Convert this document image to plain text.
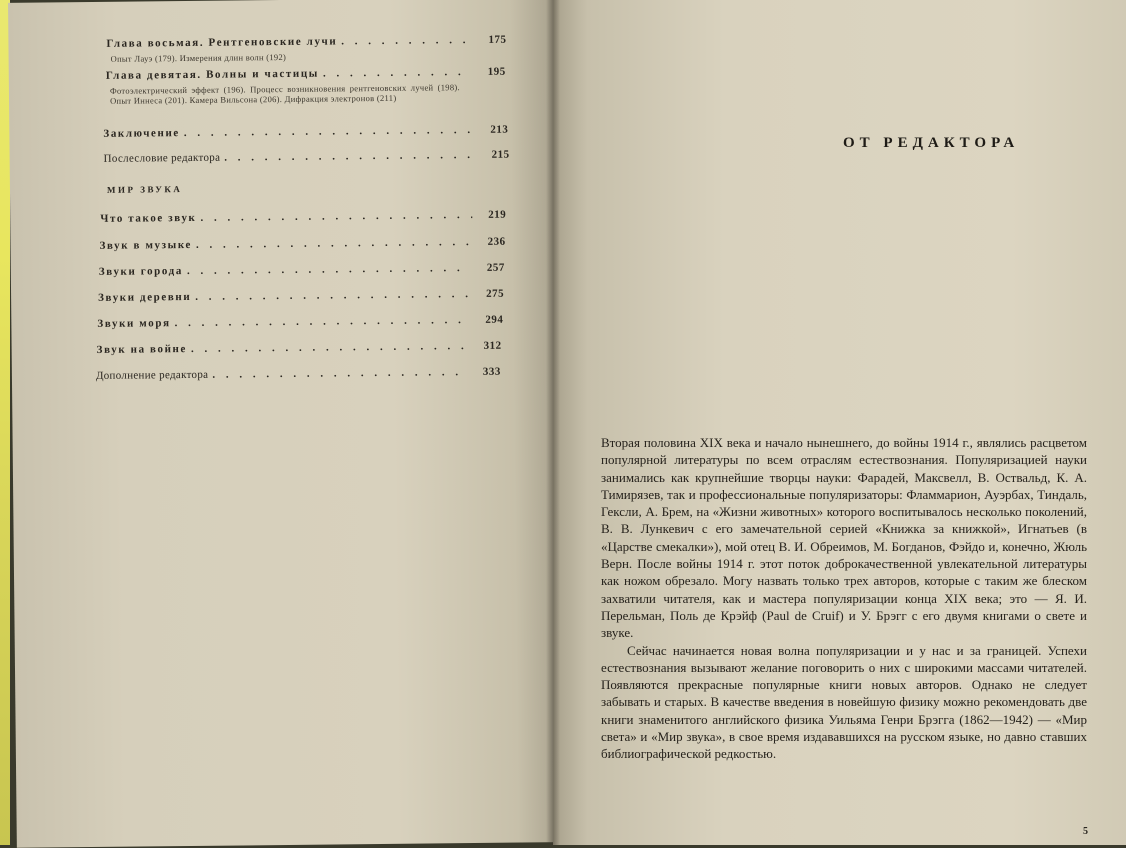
Глава восьмая. Рентгеновские лучи . . .	175
Опыт Лауэ (179). Измерения длин волн (192)
Глава девятая. Волны и частицы . . .	195
Фотоэлектрический эффект (196). Процесс возникновения рентгеновских лучей (198). Опыт Иннеса (201). Камера Вильсона (206). Дифракция электронов (211)
Заключение . . .	213
Послесловие редактора . . .	215
МИР ЗВУКА
Что такое звук . . .	219
Звук в музыке . . .	236
Звуки города . . .	257
Звуки деревни . . .	275
Звуки моря . . .	294
Звук на войне . . .	312
Дополнение редактора . . .	333
ОТ РЕДАКТОРА

Вторая половина XIX века и начало нынешнего, до войны 1914 г., являлись расцветом популярной литературы по всем отраслям естествознания. Популяризацией науки занимались как крупнейшие творцы науки: Фарадей, Максвелл, В. Оствальд, К. А. Тимирязев, так и профессиональные популяризаторы: Фламмарион, Ауэрбах, Тиндаль, Гексли, А. Брем, на «Жизни животных» которого воспитывалось несколько поколений, В. В. Лункевич с его замечательной серией «Книжка за книжкой», Игнатьев (в «Царстве смекалки»), мой отец В. И. Обреимов, М. Богданов, Фэйдо и, конечно, Жюль Верн. После войны 1914 г. этот поток доброкачественной увлекательной литературы как ножом обрезало. Могу назвать только трех авторов, которые с таким же блеском захватили читателя, как и мастера популяризации конца XIX века; это — Я. И. Перельман, Поль де Крэйф (Paul de Cruif) и У. Брэгг с его двумя книгами о свете и звуке.

Сейчас начинается новая волна популяризации и у нас и за границей. Успехи естествознания вызывают желание поговорить о них с широкими массами читателей. Появляются прекрасные популярные книги новых авторов. Однако не следует забывать и старых. В качестве введения в новейшую физику можно рекомендовать две книги знаменитого английского физика Уильяма Генри Брэгга (1862—1942) — «Мир света» и «Мир звука», в свое время издававшихся на русском языке, но давно ставших библиографической редкостью.

5
